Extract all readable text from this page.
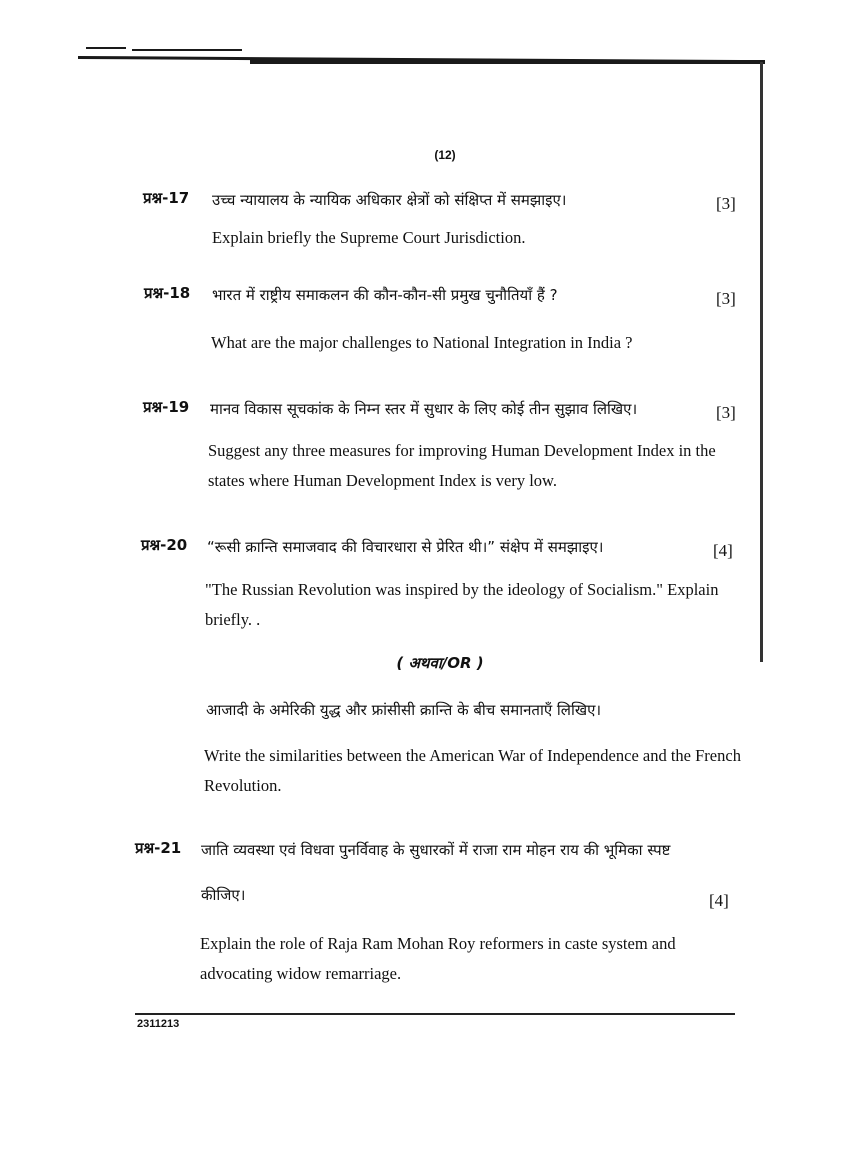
(12)
प्रश्न-17 उच्च न्यायालय के न्यायिक अधिकार क्षेत्रों को संक्षिप्त में समझाइए।	[3]
Explain briefly the Supreme Court Jurisdiction.
प्रश्न-18 भारत में राष्ट्रीय समाकलन की कौन-कौन-सी प्रमुख चुनौतियाँ हैं ?	[3]
What are the major challenges to National Integration in India ?
प्रश्न-19 मानव विकास सूचकांक के निम्न स्तर में सुधार के लिए कोई तीन सुझाव लिखिए।	[3]
Suggest any three measures for improving Human Development Index in the states where Human Development Index is very low.
प्रश्न-20 “रूसी क्रान्ति समाजवाद की विचारधारा से प्रेरित थी।” संक्षेप में समझाइए।	[4]
"The Russian Revolution was inspired by the ideology of Socialism." Explain briefly. .
( अथवा/OR )
आजादी के अमेरिकी युद्ध और फ्रांसीसी क्रान्ति के बीच समानताएँ लिखिए।
Write the similarities between the American War of Independence and the French Revolution.
प्रश्न-21 जाति व्यवस्था एवं विधवा पुनर्विवाह के सुधारकों में राजा राम मोहन राय की भूमिका स्पष्ट
कीजिए।	[4]
Explain the role of Raja Ram Mohan Roy reformers in caste system and advocating widow remarriage.
2311213
